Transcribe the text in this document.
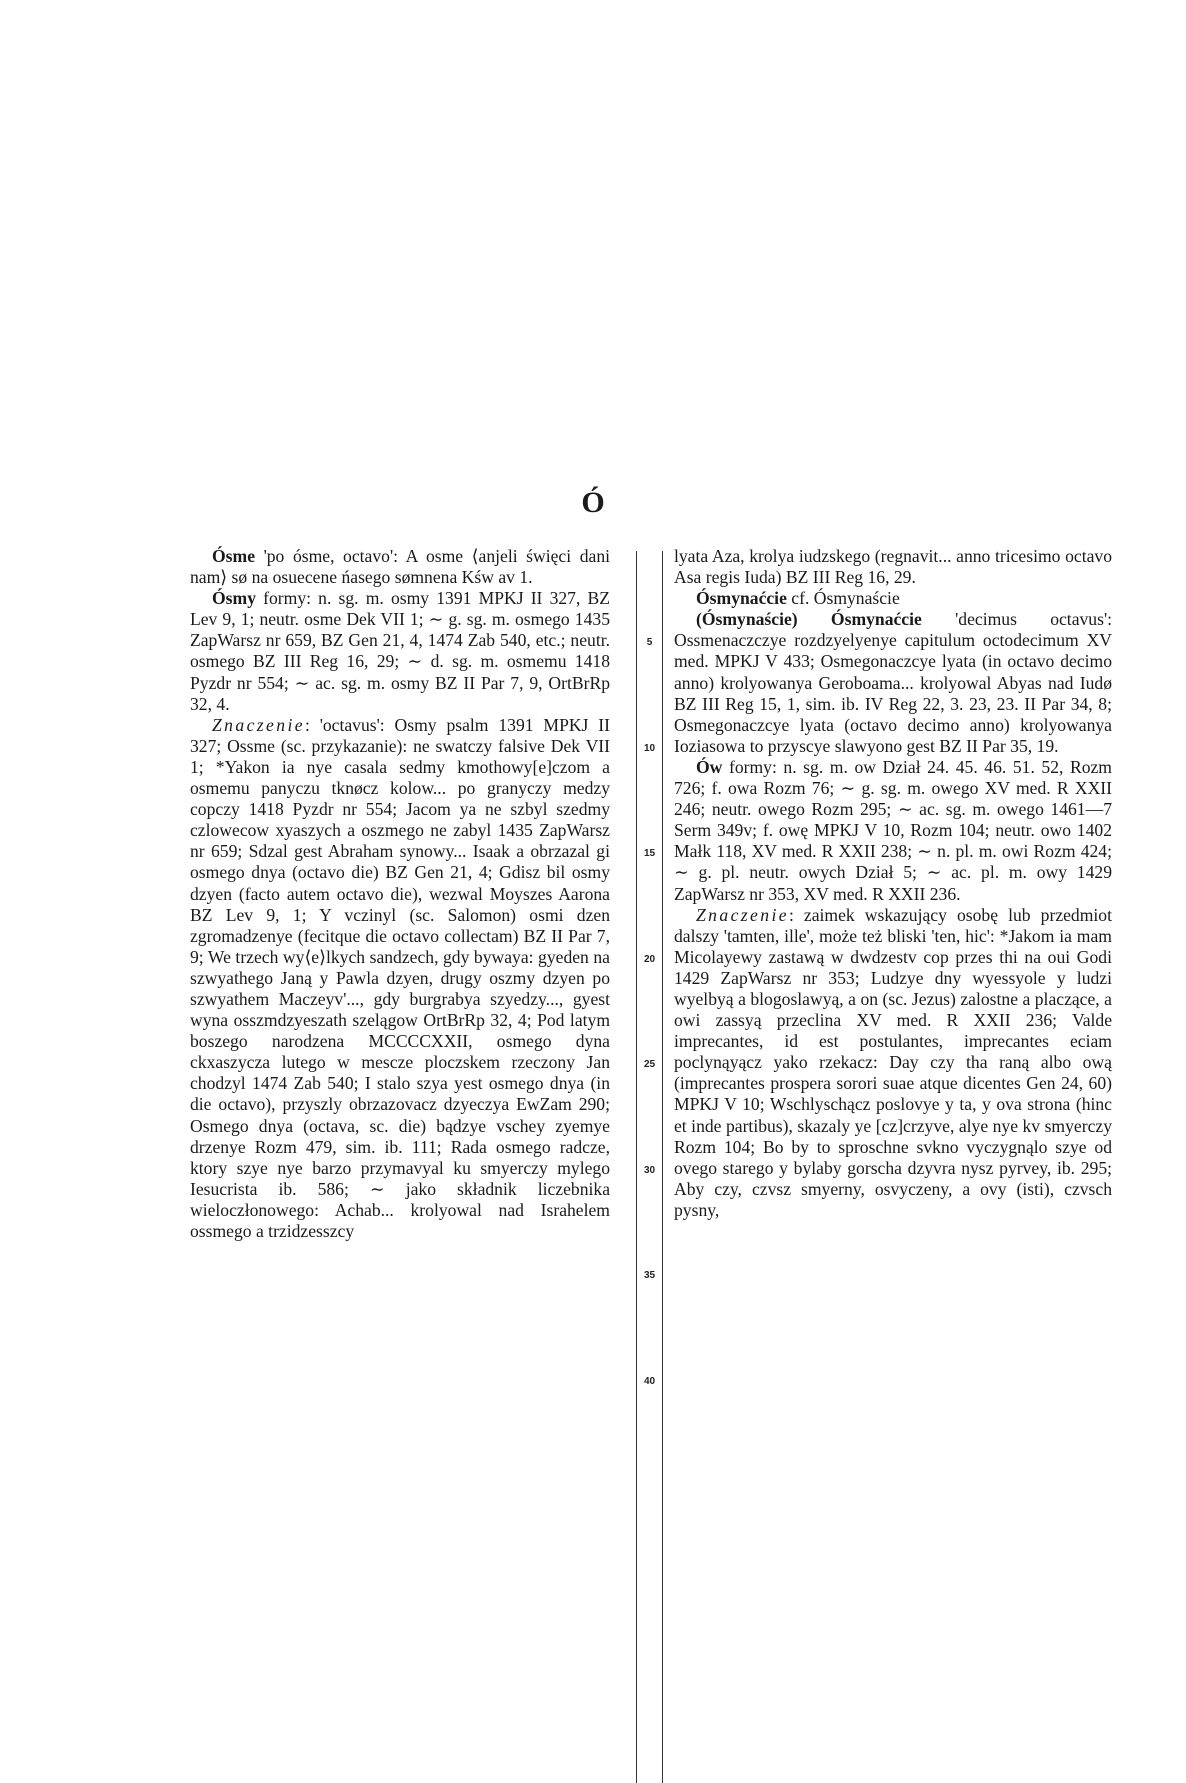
Ó

Ósme 'po ósme, octavo': A osme ⟨anjeli święci dani nam⟩ sø na osuecene ńasego sømnena Kśw av 1.

Ósmy formy: n. sg. m. osmy 1391 MPKJ II 327, BZ Lev 9, 1; neutr. osme Dek VII 1; ∼ g. sg. m. osmego 1435 ZapWarsz nr 659, BZ Gen 21, 4, 1474 Zab 540, etc.; neutr. osmego BZ III Reg 16, 29; ∼ d. sg. m. osmemu 1418 Pyzdr nr 554; ∼ ac. sg. m. osmy BZ II Par 7, 9, OrtBrRp 32, 4.

Znaczenie: 'octavus': Osmy psalm 1391 MPKJ II 327; Ossme (sc. przykazanie): ne swatczy falsive Dek VII 1; *Yakon ia nye casala sedmy kmothowy[e]czom a osmemu panyczu tknøcz kolow... po granyczy medzy copczy 1418 Pyzdr nr 554; Jacom ya ne szbyl szedmy czlowecow xyaszych a oszmego ne zabyl 1435 ZapWarsz nr 659; Sdzal gest Abraham synowy... Isaak a obrzazal gi osmego dnya (octavo die) BZ Gen 21, 4; Gdisz bil osmy dzyen (facto autem octavo die), wezwal Moyszes Aarona BZ Lev 9, 1; Y vczinyl (sc. Salomon) osmi dzen zgromadzenye (fecitque die octavo collectam) BZ II Par 7, 9; We trzech wy⟨e⟩lkych sandzech, gdy bywaya: gyeden na szwyathego Janą y Pawla dzyen, drugy oszmy dzyen po szwyathem Maczeyv'..., gdy burgrabya szyedzy..., gyest wyna osszmdzyeszath szelągow OrtBrRp 32, 4; Pod latym boszego narodzena MCCCCXXII, osmego dyna ckxaszycza lutego w mescze ploczskem rzeczony Jan chodzyl 1474 Zab 540; I stalo szya yest osmego dnya (in die octavo), przyszly obrzazovacz dzyeczya EwZam 290; Osmego dnya (octava, sc. die) bądzye vschey zyemye drzenye Rozm 479, sim. ib. 111; Rada osmego radcze, ktory szye nye barzo przymavyal ku smyerczy mylego Iesucrista ib. 586; ∼ jako składnik liczebnika wieloczłonowego: Achab... krolyowal nad Israhelem ossmego a trzidzesszcy

lyata Aza, krolya iudzskego (regnavit... anno tricesimo octavo Asa regis Iuda) BZ III Reg 16, 29.

Ósmynaćcie cf. Ósmynaście

(Ósmynaście) Ósmynaćcie 'decimus octavus': Ossmenaczczye rozdzyelyenye capitulum octodecimum XV med. MPKJ V 433; Osmegonaczcye lyata (in octavo decimo anno) krolyowanya Geroboama... krolyowal Abyas nad Iudø BZ III Reg 15, 1, sim. ib. IV Reg 22, 3. 23, 23. II Par 34, 8; Osmegonaczcye lyata (octavo decimo anno) krolyowanya Ioziasowa to przyscye slawyono gest BZ II Par 35, 19.

Ów formy: n. sg. m. ow Dział 24. 45. 46. 51. 52, Rozm 726; f. owa Rozm 76; ∼ g. sg. m. owego XV med. R XXII 246; neutr. owego Rozm 295; ∼ ac. sg. m. owego 1461—7 Serm 349v; f. owę MPKJ V 10, Rozm 104; neutr. owo 1402 Małk 118, XV med. R XXII 238; ∼ n. pl. m. owi Rozm 424; ∼ g. pl. neutr. owych Dział 5; ∼ ac. pl. m. owy 1429 ZapWarsz nr 353, XV med. R XXII 236.

Znaczenie: zaimek wskazujący osobę lub przedmiot dalszy 'tamten, ille', może też bliski 'ten, hic': *Jakom ia mam Micolayewy zastawą w dwdzestv cop przes thi na oui Godi 1429 ZapWarsz nr 353; Ludzye dny wyessyole y ludzi wyelbyą a blogoslawyą, a on (sc. Jezus) zalostne a placzące, a owi zassyą przeclina XV med. R XXII 236; Valde imprecantes, id est postulantes, imprecantes eciam poclynąyącz yako rzekacz: Day czy tha raną albo ową (imprecantes prospera sorori suae atque dicentes Gen 24, 60) MPKJ V 10; Wschlyschącz poslovye y ta, y ova strona (hinc et inde partibus), skazaly ye [cz]crzyve, alye nye kv smyerczy Rozm 104; Bo by to sproschne svkno vyczygnąlo szye od ovego starego y bylaby gorscha dzyvra nysz pyrvey, ib. 295; Aby czy, czvsz smyerny, osvyczeny, a ovy (isti), czvsch pysny,

5
10
15
20
25
30
35
40
